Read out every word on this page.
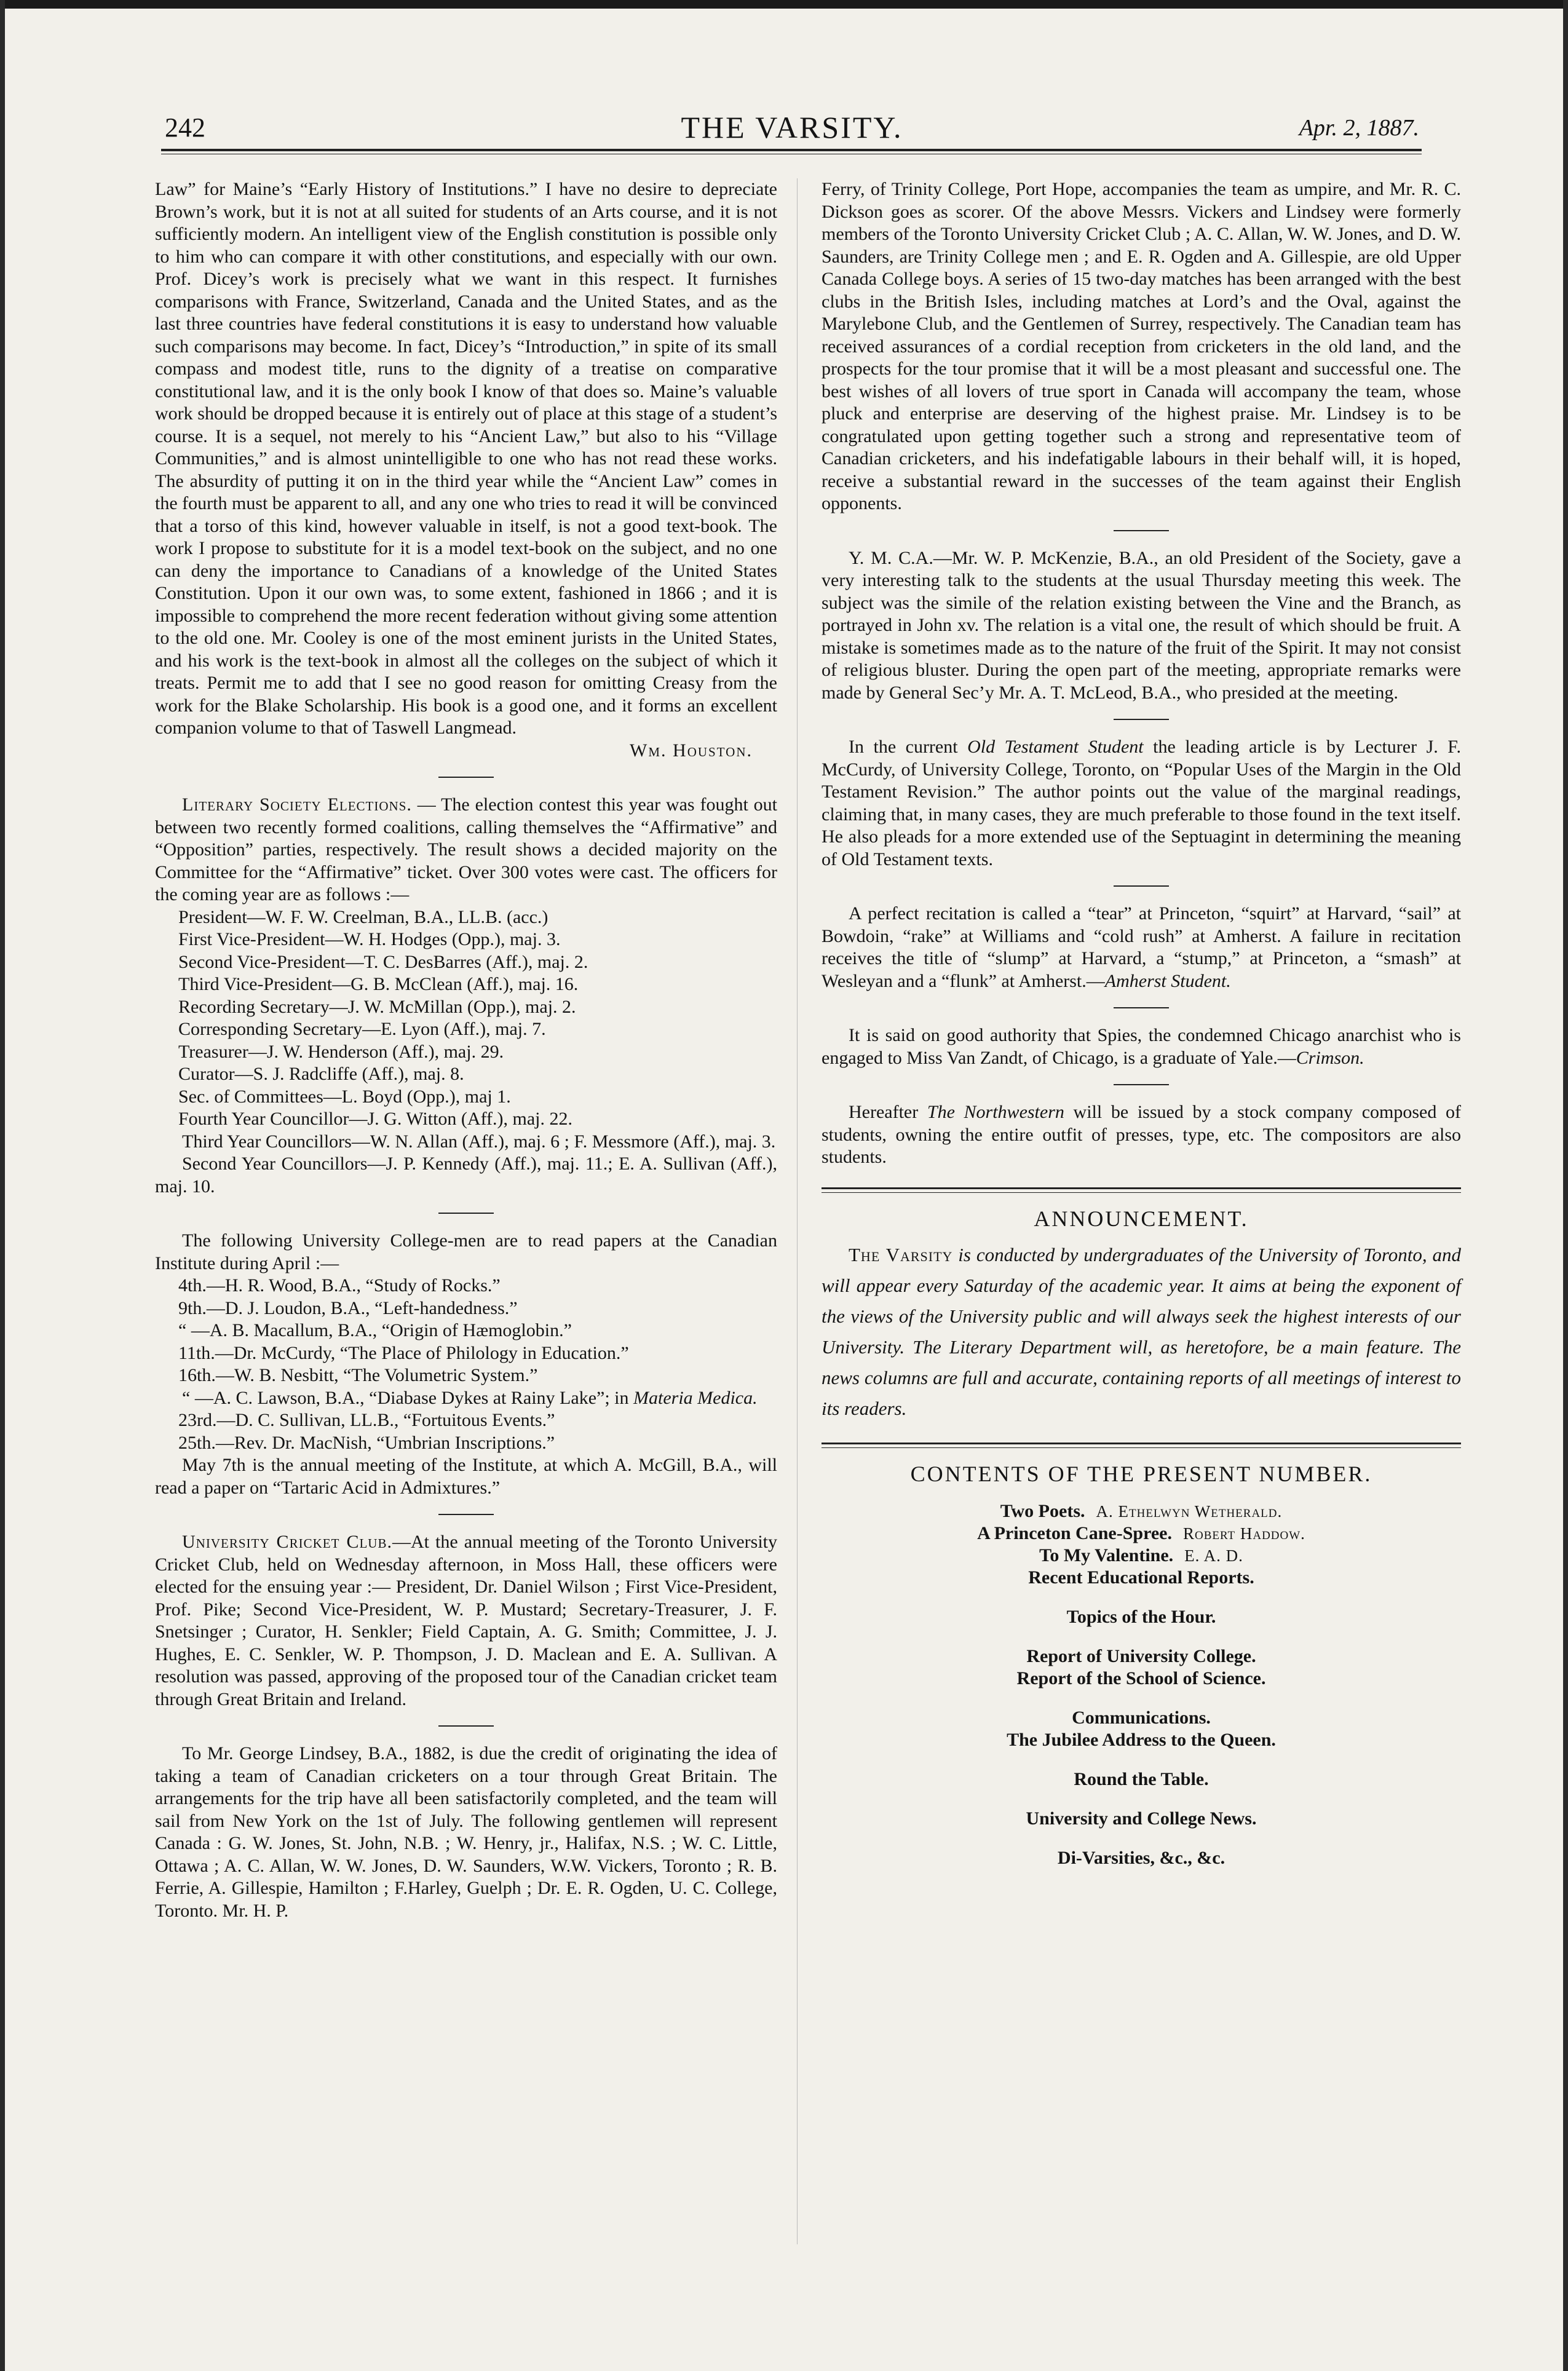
242	THE VARSITY.	Apr. 2, 1887.

Law” for Maine’s “Early History of Institutions.” I have no desire to depreciate Brown’s work, but it is not at all suited for students of an Arts course, and it is not sufficiently modern. An intelligent view of the English constitution is possible only to him who can compare it with other constitutions, and especially with our own. Prof. Dicey’s work is precisely what we want in this respect. It furnishes comparisons with France, Switzerland, Canada and the United States, and as the last three countries have federal constitutions it is easy to understand how valuable such comparisons may become. In fact, Dicey’s “Introduction,” in spite of its small compass and modest title, runs to the dignity of a treatise on comparative constitutional law, and it is the only book I know of that does so. Maine’s valuable work should be dropped because it is entirely out of place at this stage of a student’s course. It is a sequel, not merely to his “Ancient Law,” but also to his “Village Communities,” and is almost unintelligible to one who has not read these works. The absurdity of putting it on in the third year while the “Ancient Law” comes in the fourth must be apparent to all, and any one who tries to read it will be convinced that a torso of this kind, however valuable in itself, is not a good text-book. The work I propose to substitute for it is a model text-book on the subject, and no one can deny the importance to Canadians of a knowledge of the United States Constitution. Upon it our own was, to some extent, fashioned in 1866 ; and it is impossible to comprehend the more recent federation without giving some attention to the old one. Mr. Cooley is one of the most eminent jurists in the United States, and his work is the text-book in almost all the colleges on the subject of which it treats. Permit me to add that I see no good reason for omitting Creasy from the work for the Blake Scholarship. His book is a good one, and it forms an excellent companion volume to that of Taswell Langmead.

Wm. Houston.

Literary Society Elections. — The election contest this year was fought out between two recently formed coalitions, calling themselves the “Affirmative” and “Opposition” parties, respectively. The result shows a decided majority on the Committee for the “Affirmative” ticket. Over 300 votes were cast. The officers for the coming year are as follows :—

President—W. F. W. Creelman, B.A., LL.B. (acc.)
First Vice-President—W. H. Hodges (Opp.), maj. 3.
Second Vice-President—T. C. DesBarres (Aff.), maj. 2.
Third Vice-President—G. B. McClean (Aff.), maj. 16.
Recording Secretary—J. W. McMillan (Opp.), maj. 2.
Corresponding Secretary—E. Lyon (Aff.), maj. 7.
Treasurer—J. W. Henderson (Aff.), maj. 29.
Curator—S. J. Radcliffe (Aff.), maj. 8.
Sec. of Committees—L. Boyd (Opp.), maj 1.
Fourth Year Councillor—J. G. Witton (Aff.), maj. 22.

Third Year Councillors—W. N. Allan (Aff.), maj. 6 ; F. Messmore (Aff.), maj. 3.

Second Year Councillors—J. P. Kennedy (Aff.), maj. 11.; E. A. Sullivan (Aff.), maj. 10.

The following University College-men are to read papers at the Canadian Institute during April :—

4th.—H. R. Wood, B.A., “Study of Rocks.”
9th.—D. J. Loudon, B.A., “Left-handedness.”
“ —A. B. Macallum, B.A., “Origin of Hæmoglobin.”
11th.—Dr. McCurdy, “The Place of Philology in Education.”
16th.—W. B. Nesbitt, “The Volumetric System.”

“ —A. C. Lawson, B.A., “Diabase Dykes at Rainy Lake”; in Materia Medica.

23rd.—D. C. Sullivan, LL.B., “Fortuitous Events.”
25th.—Rev. Dr. MacNish, “Umbrian Inscriptions.”

May 7th is the annual meeting of the Institute, at which A. McGill, B.A., will read a paper on “Tartaric Acid in Admixtures.”

University Cricket Club.—At the annual meeting of the Toronto University Cricket Club, held on Wednesday afternoon, in Moss Hall, these officers were elected for the ensuing year :— President, Dr. Daniel Wilson ; First Vice-President, Prof. Pike; Second Vice-President, W. P. Mustard; Secretary-Treasurer, J. F. Snetsinger ; Curator, H. Senkler; Field Captain, A. G. Smith; Committee, J. J. Hughes, E. C. Senkler, W. P. Thompson, J. D. Maclean and E. A. Sullivan. A resolution was passed, approving of the proposed tour of the Canadian cricket team through Great Britain and Ireland.

To Mr. George Lindsey, B.A., 1882, is due the credit of originating the idea of taking a team of Canadian cricketers on a tour through Great Britain. The arrangements for the trip have all been satisfactorily completed, and the team will sail from New York on the 1st of July. The following gentlemen will represent Canada : G. W. Jones, St. John, N.B. ; W. Henry, jr., Halifax, N.S. ; W. C. Little, Ottawa ; A. C. Allan, W. W. Jones, D. W. Saunders, W.W. Vickers, Toronto ; R. B. Ferrie, A. Gillespie, Hamilton ; F.Harley, Guelph ; Dr. E. R. Ogden, U. C. College, Toronto. Mr. H. P.

Ferry, of Trinity College, Port Hope, accompanies the team as umpire, and Mr. R. C. Dickson goes as scorer. Of the above Messrs. Vickers and Lindsey were formerly members of the Toronto University Cricket Club ; A. C. Allan, W. W. Jones, and D. W. Saunders, are Trinity College men ; and E. R. Ogden and A. Gillespie, are old Upper Canada College boys. A series of 15 two-day matches has been arranged with the best clubs in the British Isles, including matches at Lord’s and the Oval, against the Marylebone Club, and the Gentlemen of Surrey, respectively. The Canadian team has received assurances of a cordial reception from cricketers in the old land, and the prospects for the tour promise that it will be a most pleasant and successful one. The best wishes of all lovers of true sport in Canada will accompany the team, whose pluck and enterprise are deserving of the highest praise. Mr. Lindsey is to be congratulated upon getting together such a strong and representative teom of Canadian cricketers, and his indefatigable labours in their behalf will, it is hoped, receive a substantial reward in the successes of the team against their English opponents.

Y. M. C.A.—Mr. W. P. McKenzie, B.A., an old President of the Society, gave a very interesting talk to the students at the usual Thursday meeting this week. The subject was the simile of the relation existing between the Vine and the Branch, as portrayed in John xv. The relation is a vital one, the result of which should be fruit. A mistake is sometimes made as to the nature of the fruit of the Spirit. It may not consist of religious bluster. During the open part of the meeting, appropriate remarks were made by General Sec’y Mr. A. T. McLeod, B.A., who presided at the meeting.

In the current Old Testament Student the leading article is by Lecturer J. F. McCurdy, of University College, Toronto, on “Popular Uses of the Margin in the Old Testament Revision.” The author points out the value of the marginal readings, claiming that, in many cases, they are much preferable to those found in the text itself. He also pleads for a more extended use of the Septuagint in determining the meaning of Old Testament texts.

A perfect recitation is called a “tear” at Princeton, “squirt” at Harvard, “sail” at Bowdoin, “rake” at Williams and “cold rush” at Amherst. A failure in recitation receives the title of “slump” at Harvard, a “stump,” at Princeton, a “smash” at Wesleyan and a “flunk” at Amherst.—Amherst Student.

It is said on good authority that Spies, the condemned Chicago anarchist who is engaged to Miss Van Zandt, of Chicago, is a graduate of Yale.—Crimson.

Hereafter The Northwestern will be issued by a stock company composed of students, owning the entire outfit of presses, type, etc. The compositors are also students.

ANNOUNCEMENT.

The Varsity is conducted by undergraduates of the University of Toronto, and will appear every Saturday of the academic year. It aims at being the exponent of the views of the University public and will always seek the highest interests of our University. The Literary Department will, as heretofore, be a main feature. The news columns are full and accurate, containing reports of all meetings of interest to its readers.

CONTENTS OF THE PRESENT NUMBER.
Two Poets. A. Ethelwyn Wetherald.
A Princeton Cane-Spree. Robert Haddow.
To My Valentine. E. A. D.
Recent Educational Reports.
Topics of the Hour.
Report of University College.
Report of the School of Science.
Communications.
The Jubilee Address to the Queen.
Round the Table.
University and College News.
Di-Varsities, &c., &c.
